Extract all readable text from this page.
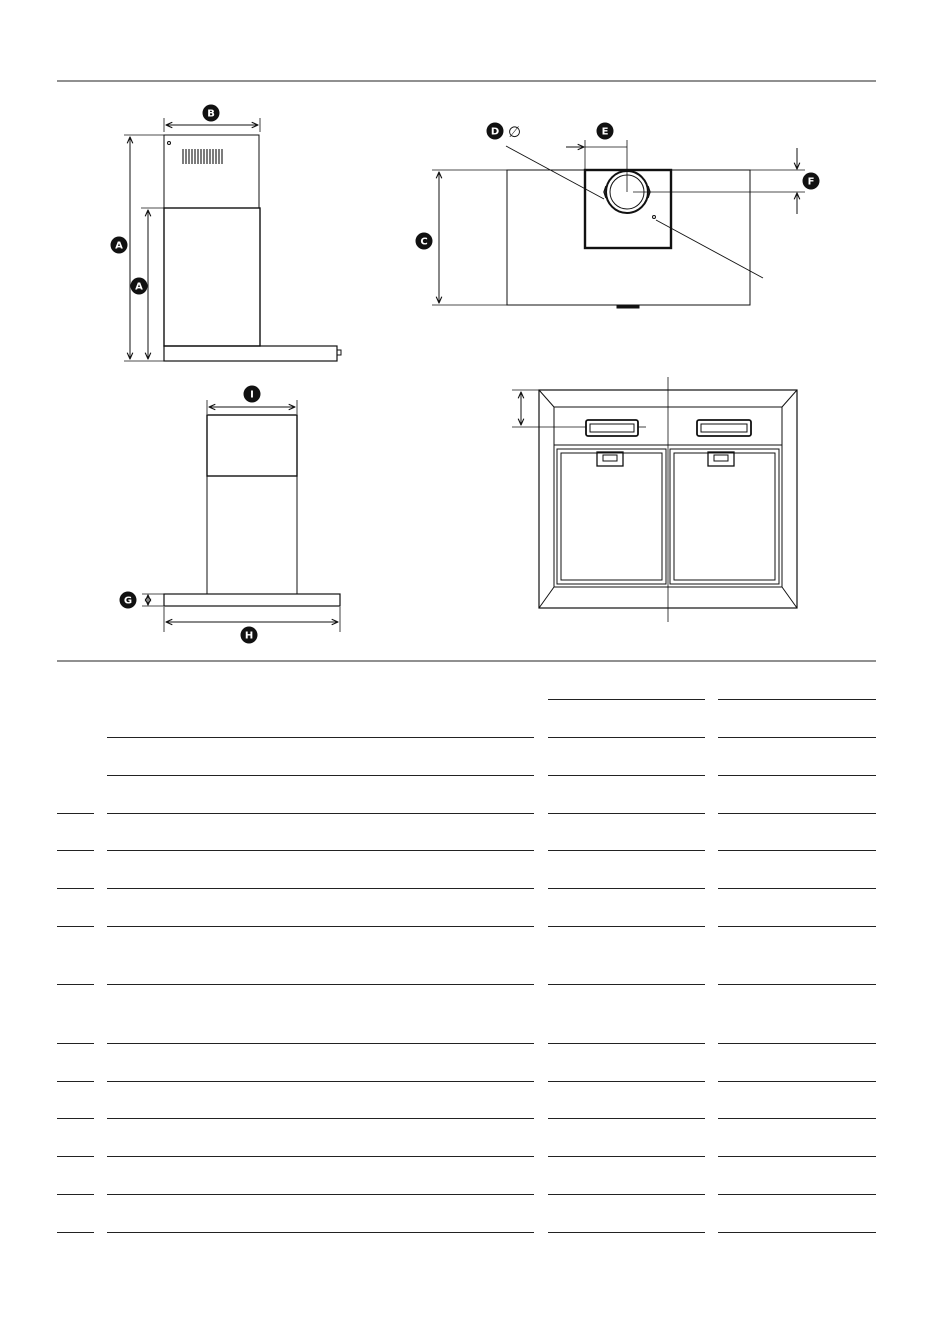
B
A
A
D ∅	E
F
C
I
G
H
